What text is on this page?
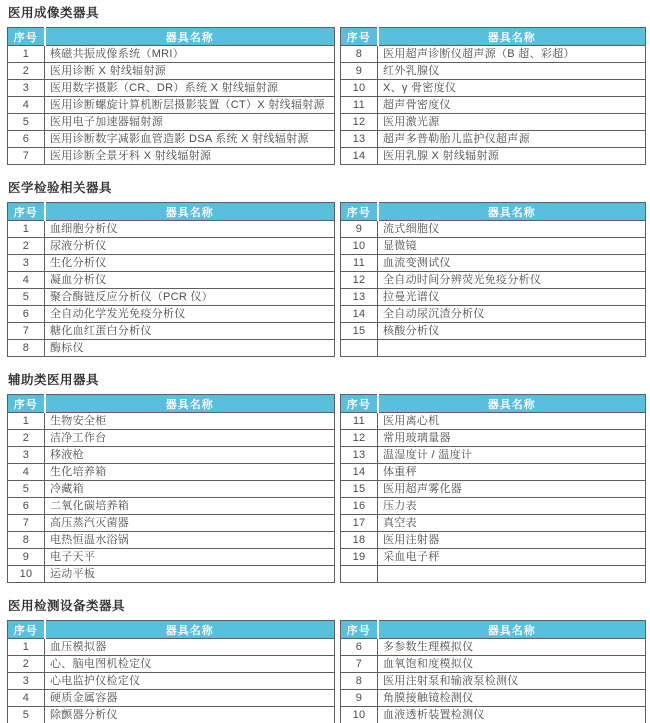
医用成像类器具
序号	器具名称
1	核磁共振成像系统（MRI）
2	医用诊断 X 射线辐射源
3	医用数字摄影（CR、DR）系统 X 射线辐射源
4	医用诊断螺旋计算机断层摄影装置（CT）X 射线辐射源
5	医用电子加速器辐射源
6	医用诊断数字减影血管造影 DSA 系统 X 射线辐射源
7	医用诊断全景牙科 X 射线辐射源
序号	器具名称
8	医用超声诊断仪超声源（B 超、彩超）
9	红外乳腺仪
10	X、γ 骨密度仪
11	超声骨密度仪
12	医用激光源
13	超声多普勒胎儿监护仪超声源
14	医用乳腺 X 射线辐射源
医学检验相关器具
序号	器具名称
1	血细胞分析仪
2	尿液分析仪
3	生化分析仪
4	凝血分析仪
5	聚合酶链反应分析仪（PCR 仪）
6	全自动化学发光免疫分析仪
7	糖化血红蛋白分析仪
8	酶标仪
序号	器具名称
9	流式细胞仪
10	显微镜
11	血流变测试仪
12	全自动时间分辨荧光免疫分析仪
13	拉曼光谱仪
14	全自动尿沉渣分析仪
15	核酸分析仪

辅助类医用器具
序号	器具名称
1	生物安全柜
2	洁净工作台
3	移液枪
4	生化培养箱
5	冷藏箱
6	二氧化碳培养箱
7	高压蒸汽灭菌器
8	电热恒温水浴锅
9	电子天平
10	运动平板
序号	器具名称
11	医用离心机
12	常用玻璃量器
13	温湿度计 / 温度计
14	体重秤
15	医用超声雾化器
16	压力表
17	真空表
18	医用注射器
19	采血电子秤

医用检测设备类器具
序号	器具名称
1	血压模拟器
2	心、脑电图机检定仪
3	心电监护仪检定仪
4	硬质金属容器
5	除颤器分析仪
序号	器具名称
6	多参数生理模拟仪
7	血氧饱和度模拟仪
8	医用注射泵和输液泵检测仪
9	角膜接触镜检测仪
10	血液透析装置检测仪
